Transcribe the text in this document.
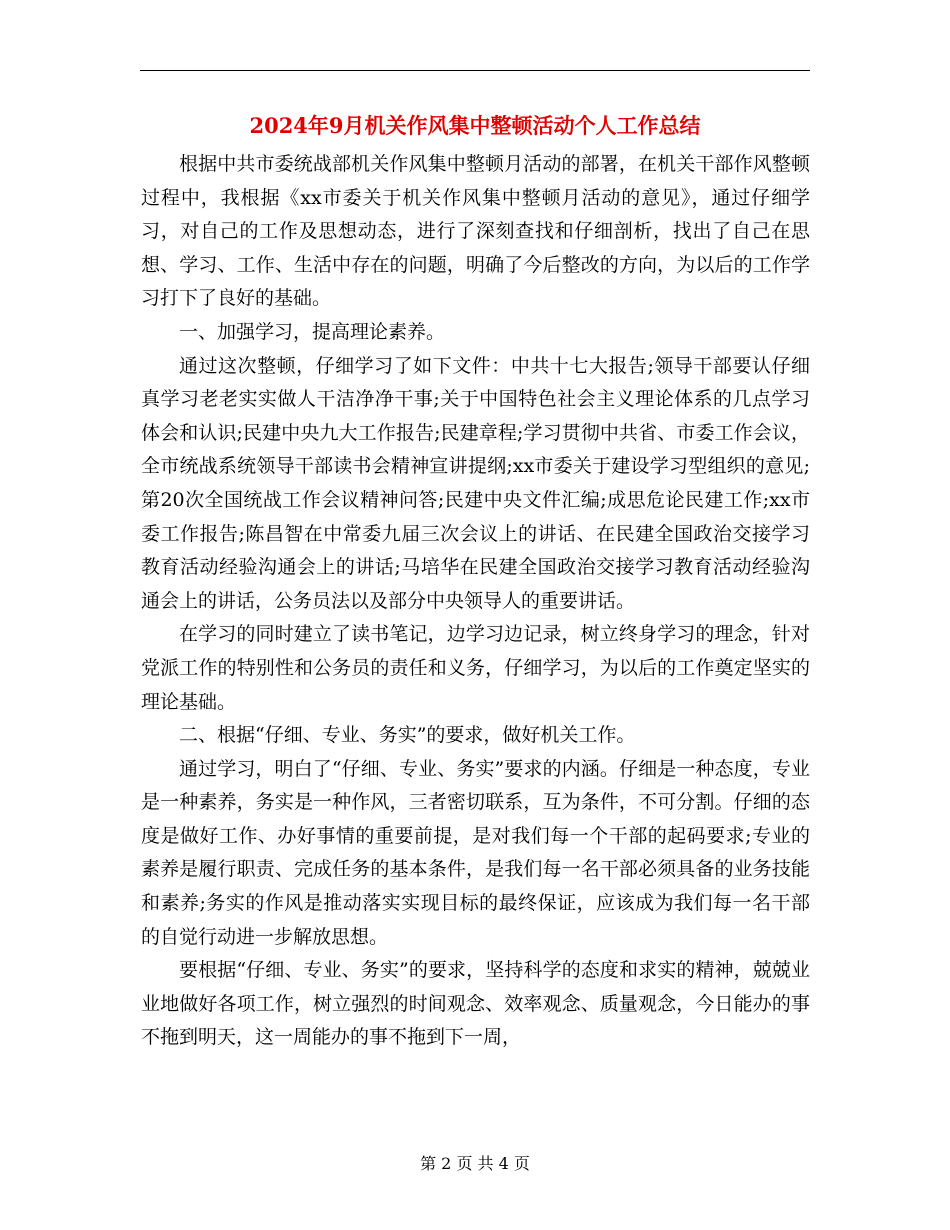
2024年9月机关作风集中整顿活动个人工作总结

根据中共市委统战部机关作风集中整顿月活动的部署，在机关干部作风整顿过程中，我根据《xx市委关于机关作风集中整顿月活动的意见》，通过仔细学习，对自己的工作及思想动态，进行了深刻查找和仔细剖析，找出了自己在思想、学习、工作、生活中存在的问题，明确了今后整改的方向，为以后的工作学习打下了良好的基础。

一、加强学习，提高理论素养。

通过这次整顿，仔细学习了如下文件：中共十七大报告;领导干部要认仔细真学习老老实实做人干洁净净干事;关于中国特色社会主义理论体系的几点学习体会和认识;民建中央九大工作报告;民建章程;学习贯彻中共省、市委工作会议，全市统战系统领导干部读书会精神宣讲提纲;xx市委关于建设学习型组织的意见;第20次全国统战工作会议精神问答;民建中央文件汇编;成思危论民建工作;xx市委工作报告;陈昌智在中常委九届三次会议上的讲话、在民建全国政治交接学习教育活动经验沟通会上的讲话;马培华在民建全国政治交接学习教育活动经验沟通会上的讲话，公务员法以及部分中央领导人的重要讲话。

在学习的同时建立了读书笔记，边学习边记录，树立终身学习的理念，针对党派工作的特别性和公务员的责任和义务，仔细学习，为以后的工作奠定坚实的理论基础。

二、根据“仔细、专业、务实”的要求，做好机关工作。

通过学习，明白了“仔细、专业、务实”要求的内涵。仔细是一种态度，专业是一种素养，务实是一种作风，三者密切联系，互为条件，不可分割。仔细的态度是做好工作、办好事情的重要前提，是对我们每一个干部的起码要求;专业的素养是履行职责、完成任务的基本条件，是我们每一名干部必须具备的业务技能和素养;务实的作风是推动落实实现目标的最终保证，应该成为我们每一名干部的自觉行动进一步解放思想。

要根据“仔细、专业、务实”的要求，坚持科学的态度和求实的精神，兢兢业业地做好各项工作，树立强烈的时间观念、效率观念、质量观念，今日能办的事不拖到明天，这一周能办的事不拖到下一周，

第 2 页 共 4 页
